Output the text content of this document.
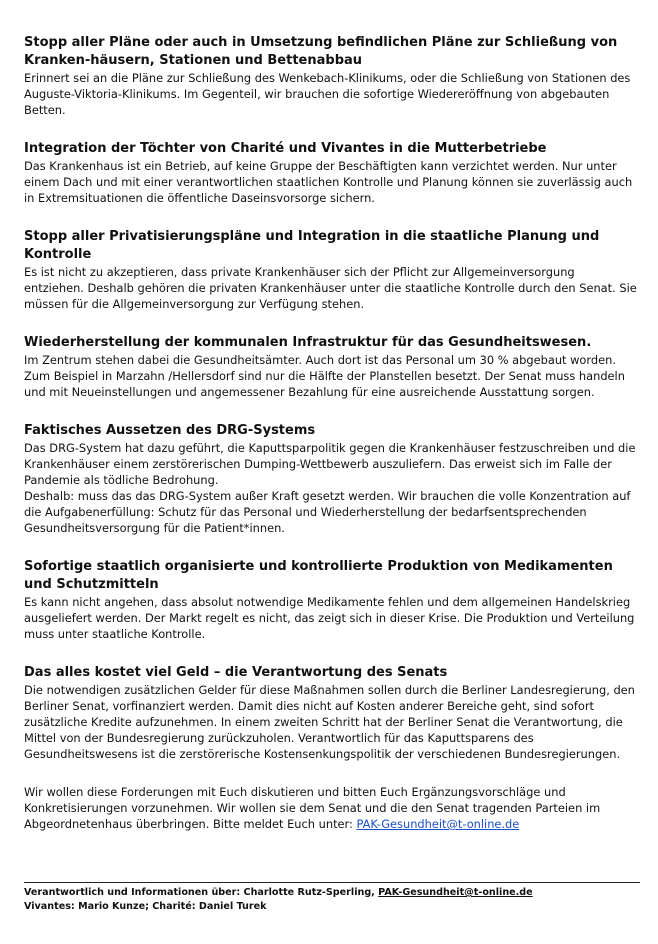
Stopp aller Pläne oder auch in Umsetzung befindlichen Pläne zur Schließung von Kranken-häusern, Stationen und Bettenabbau

Erinnert sei an die Pläne zur Schließung des Wenkebach-Klinikums, oder die Schließung von Stationen des Auguste-Viktoria-Klinikums. Im Gegenteil, wir brauchen die sofortige Wiedereröffnung von abgebauten Betten.

Integration der Töchter von Charité und Vivantes in die Mutterbetriebe

Das Krankenhaus ist ein Betrieb, auf keine Gruppe der Beschäftigten kann verzichtet werden. Nur unter einem Dach und mit einer verantwortlichen staatlichen Kontrolle und Planung können sie zuverlässig auch in Extremsituationen die öffentliche Daseinsvorsorge sichern.

Stopp aller Privatisierungspläne und Integration in die staatliche Planung und Kontrolle

Es ist nicht zu akzeptieren, dass private Krankenhäuser sich der Pflicht zur Allgemeinversorgung entziehen. Deshalb gehören die privaten Krankenhäuser unter die staatliche Kontrolle durch den Senat. Sie müssen für die Allgemeinversorgung zur Verfügung stehen.

Wiederherstellung der kommunalen Infrastruktur für das Gesundheitswesen.

Im Zentrum stehen dabei die Gesundheitsämter. Auch dort ist das Personal um 30 % abgebaut worden. Zum Beispiel in Marzahn /Hellersdorf sind nur die Hälfte der Planstellen besetzt. Der Senat muss handeln und mit Neueinstellungen und angemessener Bezahlung für eine ausreichende Ausstattung sorgen.

Faktisches Aussetzen des DRG-Systems

Das DRG-System hat dazu geführt, die Kaputtsparpolitik gegen die Krankenhäuser festzuschreiben und die Krankenhäuser einem zerstörerischen Dumping-Wettbewerb auszuliefern. Das erweist sich im Falle der Pandemie als tödliche Bedrohung.

Deshalb: muss das das DRG-System außer Kraft gesetzt werden. Wir brauchen die volle Konzentration auf die Aufgabenerfüllung: Schutz für das Personal und Wiederherstellung der bedarfsentsprechenden Gesundheitsversorgung für die Patient*innen.

Sofortige staatlich organisierte und kontrollierte Produktion von Medikamenten und Schutzmitteln

Es kann nicht angehen, dass absolut notwendige Medikamente fehlen und dem allgemeinen Handelskrieg ausgeliefert werden. Der Markt regelt es nicht, das zeigt sich in dieser Krise. Die Produktion und Verteilung muss unter staatliche Kontrolle.

Das alles kostet viel Geld – die Verantwortung des Senats

Die notwendigen zusätzlichen Gelder für diese Maßnahmen sollen durch die Berliner Landesregierung, den Berliner Senat, vorfinanziert werden. Damit dies nicht auf Kosten anderer Bereiche geht, sind sofort zusätzliche Kredite aufzunehmen. In einem zweiten Schritt hat der Berliner Senat die Verantwortung, die Mittel von der Bundesregierung zurückzuholen. Verantwortlich für das Kaputtsparens des Gesundheitswesens ist die zerstörerische Kostensenkungspolitik der verschiedenen Bundesregierungen.

Wir wollen diese Forderungen mit Euch diskutieren und bitten Euch Ergänzungsvorschläge und Konkretisierungen vorzunehmen. Wir wollen sie dem Senat und die den Senat tragenden Parteien im Abgeordnetenhaus überbringen. Bitte meldet Euch unter: PAK-Gesundheit@t-online.de

Verantwortlich und Informationen über: Charlotte Rutz-Sperling, PAK-Gesundheit@t-online.de
Vivantes: Mario Kunze; Charité: Daniel Turek
